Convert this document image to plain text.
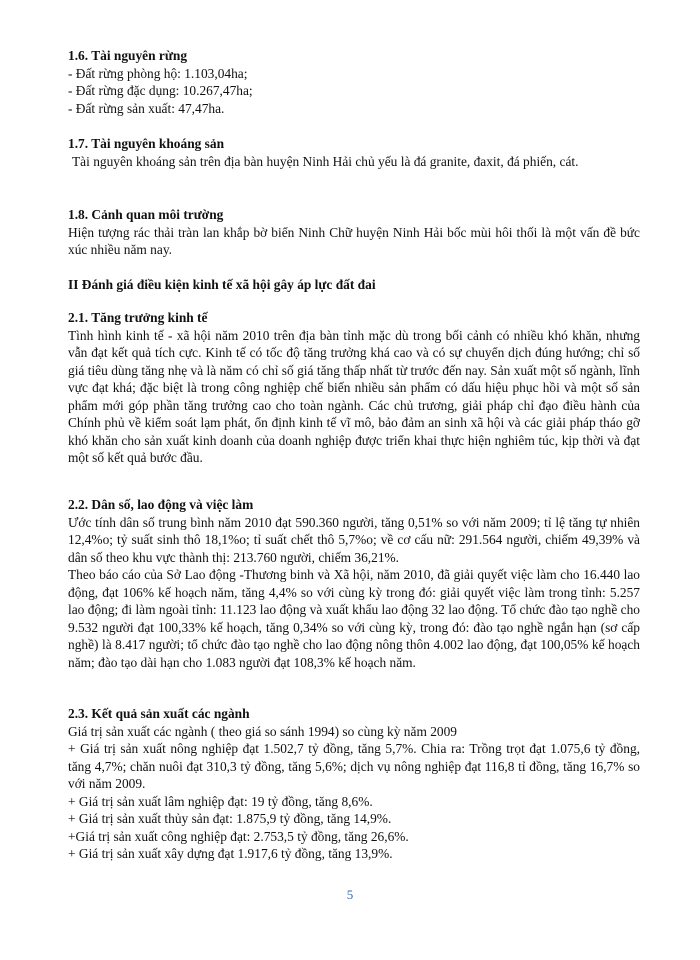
1.6. Tài nguyên rừng

- Đất rừng phòng hộ: 1.103,04ha;

- Đất rừng đặc dụng: 10.267,47ha;

- Đất rừng sản xuất: 47,47ha.

1.7. Tài nguyên khoáng sản

Tài nguyên khoáng sản trên địa bàn huyện Ninh Hải chủ yếu là đá granite, đaxit, đá phiến, cát.

1.8. Cảnh quan môi trường

Hiện tượng rác thải tràn lan khắp bờ biển Ninh Chữ huyện Ninh Hải bốc mùi hôi thối là một vấn đề bức xúc nhiều năm nay.

II Đánh giá điều kiện kinh tế xã hội gây áp lực đất đai

2.1. Tăng trưởng kinh tế

Tình hình kinh tế - xã hội năm 2010 trên địa bàn tỉnh mặc dù trong bối cảnh có nhiều khó khăn, nhưng vẫn đạt kết quả tích cực. Kinh tế có tốc độ tăng trưởng khá cao và có sự chuyển dịch đúng hướng; chỉ số giá tiêu dùng tăng nhẹ và là năm có chỉ số giá tăng thấp nhất từ trước đến nay. Sản xuất một số ngành, lĩnh vực đạt khá; đặc biệt là trong công nghiệp chế biến nhiều sản phẩm có dấu hiệu phục hồi và một số sản phẩm mới góp phần tăng trưởng cao cho toàn ngành. Các chủ trương, giải pháp chỉ đạo điều hành của Chính phủ về kiểm soát lạm phát, ổn định kinh tế vĩ mô, bảo đảm an sinh xã hội và các giải pháp tháo gỡ khó khăn cho sản xuất kinh doanh của doanh nghiệp được triển khai thực hiện nghiêm túc, kịp thời và đạt một số kết quả bước đầu.

2.2. Dân số, lao động và việc làm

Ước tính dân số trung bình năm 2010 đạt 590.360 người, tăng 0,51% so với năm 2009; tỉ lệ tăng tự nhiên 12,4%o; tỷ suất sinh thô 18,1%o; tỉ suất chết thô 5,7%o; về cơ cấu nữ: 291.564 người, chiếm 49,39% và dân số theo khu vực thành thị: 213.760 người, chiếm 36,21%.

Theo báo cáo của Sở Lao động -Thương binh và Xã hội, năm 2010, đã giải quyết việc làm cho 16.440 lao động, đạt 106% kế hoạch năm, tăng 4,4% so với cùng kỳ trong đó: giải quyết việc làm trong tỉnh: 5.257 lao động; đi làm ngoài tỉnh: 11.123 lao động và xuất khẩu lao động 32 lao động. Tổ chức đào tạo nghề cho 9.532 người đạt 100,33% kế hoạch, tăng 0,34% so với cùng kỳ, trong đó: đào tạo nghề ngắn hạn (sơ cấp nghề) là 8.417 người; tổ chức đào tạo nghề cho lao động nông thôn 4.002 lao động, đạt 100,05% kế hoạch năm; đào tạo dài hạn cho 1.083 người đạt 108,3% kế hoạch năm.

2.3. Kết quả sản xuất các ngành

Giá trị sản xuất các ngành ( theo giá so sánh 1994) so cùng kỳ năm 2009

+ Giá trị sản xuất nông nghiệp đạt 1.502,7 tỷ đồng, tăng 5,7%. Chia ra: Trồng trọt đạt 1.075,6 tỷ đồng, tăng 4,7%; chăn nuôi đạt 310,3 tỷ đồng, tăng 5,6%; dịch vụ nông nghiệp đạt 116,8 tỉ đồng, tăng 16,7% so với năm 2009.

+ Giá trị sản xuất lâm nghiệp đạt: 19 tỷ đồng, tăng 8,6%.

+ Giá trị sản xuất thủy sản đạt: 1.875,9 tỷ đồng, tăng 14,9%.

+Giá trị sản xuất công nghiệp đạt: 2.753,5 tỷ đồng, tăng 26,6%.

+ Giá trị sản xuất xây dựng đạt 1.917,6 tỷ đồng, tăng 13,9%.

5
